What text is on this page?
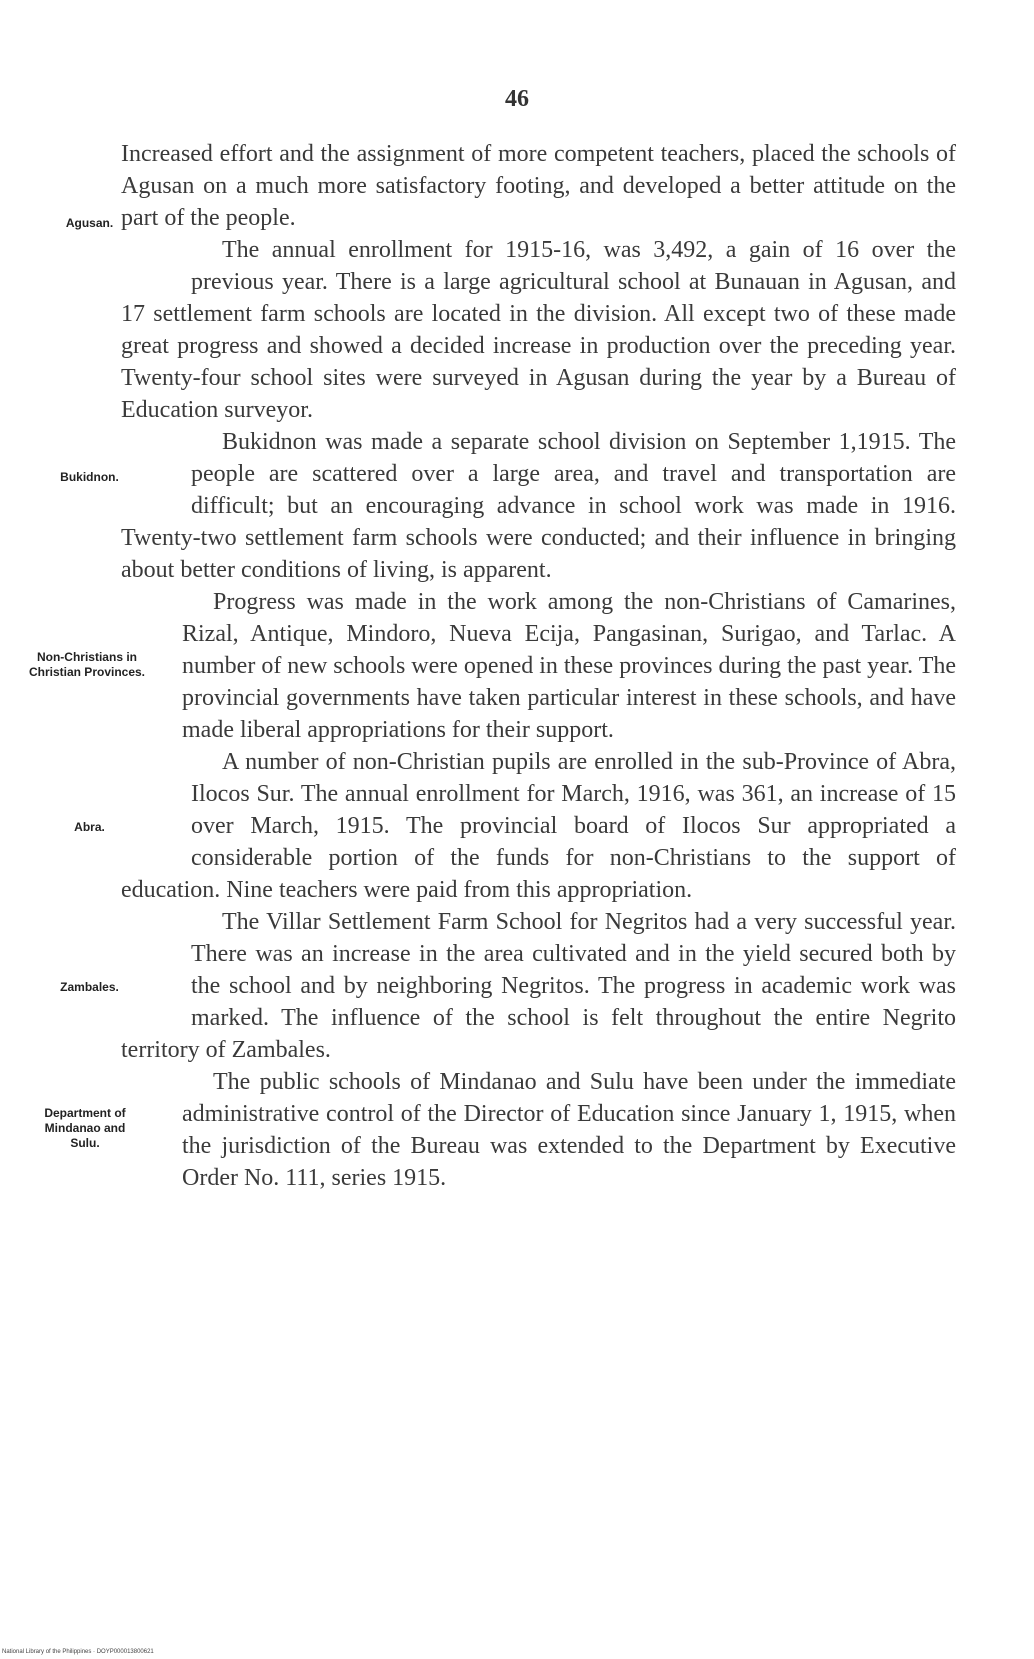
46

Increased effort and the assignment of more competent teachers, placed the schools of Agusan on a much more satisfactory footing, and developed a better attitude on the part of the people.

Agusan.
The annual enrollment for 1915-16, was 3,492, a gain of 16 over the previous year. There is a large agricultural school at Bunauan in Agusan, and 17 settlement farm schools are located in the division. All except two of these made great progress and showed a decided increase in production over the preceding year. Twenty-four school sites were surveyed in Agusan during the year by a Bureau of Education surveyor.

Bukidnon.
Bukidnon was made a separate school division on September 1,1915. The people are scattered over a large area, and travel and transportation are difficult; but an encouraging advance in school work was made in 1916. Twenty-two settlement farm schools were conducted; and their influence in bringing about better conditions of living, is apparent.

Non-Christians in Christian Provinces.
Progress was made in the work among the non-Christians of Camarines, Rizal, Antique, Mindoro, Nueva Ecija, Pangasinan, Surigao, and Tarlac. A number of new schools were opened in these provinces during the past year. The provincial governments have taken particular interest in these schools, and have made liberal appropriations for their support.

Abra.
A number of non-Christian pupils are enrolled in the sub-Province of Abra, Ilocos Sur. The annual enrollment for March, 1916, was 361, an increase of 15 over March, 1915. The provincial board of Ilocos Sur appropriated a considerable portion of the funds for non-Christians to the support of education. Nine teachers were paid from this appropriation.

Zambales.
The Villar Settlement Farm School for Negritos had a very successful year. There was an increase in the area cultivated and in the yield secured both by the school and by neighboring Negritos. The progress in academic work was marked. The influence of the school is felt throughout the entire Negrito territory of Zambales.

Department of Mindanao and Sulu.
The public schools of Mindanao and Sulu have been under the immediate administrative control of the Director of Education since January 1, 1915, when the jurisdiction of the Bureau was extended to the Department by Executive Order No. 111, series 1915.

National Library of the Philippines · DOYP000013800621
